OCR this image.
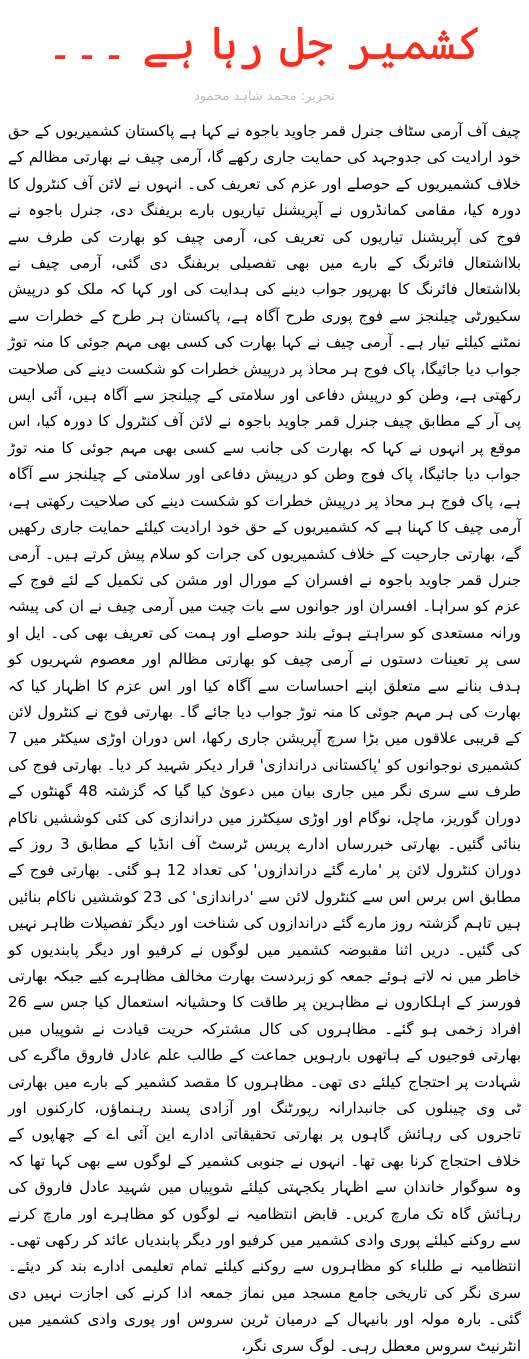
کشمیر جل رہا ہے ۔۔۔
تحریر: محمد شاہد محمود

چیف آف آرمی سٹاف جنرل قمر جاوید باجوہ نے کہا ہے پاکستان کشمیریوں کے حق خود ارادیت کی جدوجہد کی حمایت جاری رکھے گا، آرمی چیف نے بھارتی مظالم کے خلاف کشمیریوں کے حوصلے اور عزم کی تعریف کی۔ انہوں نے لائن آف کنٹرول کا دورہ کیا، مقامی کمانڈروں نے آپریشنل تیاریوں بارے بریفنگ دی، جنرل باجوہ نے فوج کی آپریشنل تیاریوں کی تعریف کی، آرمی چیف کو بھارت کی طرف سے بلااشتعال فائرنگ کے بارے میں بھی تفصیلی بریفنگ دی گئی، آرمی چیف نے بلااشتعال فائرنگ کا بھرپور جواب دینے کی ہدایت کی اور کہا کہ ملک کو درپیش سکیورٹی چیلنجز سے فوج پوری طرح آگاہ ہے، پاکستان ہر طرح کے خطرات سے نمٹنے کیلئے تیار ہے۔ آرمی چیف نے کہا بھارت کی کسی بھی مہم جوئی کا منہ توڑ جواب دیا جائیگا، پاک فوج ہر محاذ پر درپیش خطرات کو شکست دینے کی صلاحیت رکھتی ہے، وطن کو درپیش دفاعی اور سلامتی کے چیلنجز سے آگاہ ہیں، آئی ایس پی آر کے مطابق چیف جنرل قمر جاوید باجوہ نے لائن آف کنٹرول کا دورہ کیا، اس موقع پر انہوں نے کہا کہ بھارت کی جانب سے کسی بھی مہم جوئی کا منہ توڑ جواب دیا جائیگا، پاک فوج وطن کو درپیش دفاعی اور سلامتی کے چیلنجز سے آگاہ ہے، پاک فوج ہر محاذ پر درپیش خطرات کو شکست دینے کی صلاحیت رکھتی ہے، آرمی چیف کا کہنا ہے کہ کشمیریوں کے حق خود ارادیت کیلئے حمایت جاری رکھیں گے، بھارتی جارحیت کے خلاف کشمیریوں کی جرات کو سلام پیش کرتے ہیں۔ آرمی جنرل قمر جاوید باجوہ نے افسران کے مورال اور مشن کی تکمیل کے لئے فوج کے عزم کو سراہا۔ افسران اور جوانوں سے بات چیت میں آرمی چیف نے ان کی پیشہ ورانہ مستعدی کو سراہتے ہوئے بلند حوصلے اور ہمت کی تعریف بھی کی۔ ایل او سی پر تعینات دستوں نے آرمی چیف کو بھارتی مظالم اور معصوم شہریوں کو ہدف بنانے سے متعلق اپنے احساسات سے آگاہ کیا اور اس عزم کا اظہار کیا کہ بھارت کی ہر مہم جوئی کا منہ توڑ جواب دیا جائے گا۔ بھارتی فوج نے کنٹرول لائن کے قریبی علاقوں میں بڑا سرچ آپریشن جاری رکھا، اس دوران اوڑی سیکٹر میں 7 کشمیری نوجوانوں کو 'پاکستانی دراندازی' قرار دیکر شہید کر دیا۔ بھارتی فوج کی طرف سے سری نگر میں جاری بیان میں دعویٰ کیا گیا کہ گزشتہ 48 گھنٹوں کے دوران گوریز، ماچل، نوگام اور اوڑی سیکٹرز میں دراندازی کی کئی کوششیں ناکام بنائی گئیں۔ بھارتی خبررساں ادارے پریس ٹرسٹ آف انڈیا کے مطابق 3 روز کے دوران کنٹرول لائن پر 'مارے گئے دراندازوں' کی تعداد 12 ہو گئی۔ بھارتی فوج کے مطابق اس برس اس سے کنٹرول لائن سے 'دراندازی' کی 23 کوششیں ناکام بنائیں ہیں تاہم گزشتہ روز مارے گئے دراندازوں کی شناخت اور دیگر تفصیلات ظاہر نہیں کی گئیں۔ دریں اثنا مقبوضہ کشمیر میں لوگوں نے کرفیو اور دیگر پابندیوں کو خاطر میں نہ لاتے ہوئے جمعہ کو زبردست بھارت مخالف مظاہرے کیے جبکہ بھارتی فورسز کے اہلکاروں نے مظاہرین پر طاقت کا وحشیانہ استعمال کیا جس سے 26 افراد زخمی ہو گئے۔ مظاہروں کی کال مشترکہ حریت قیادت نے شوپیاں میں بھارتی فوجیوں کے ہاتھوں بارہویں جماعت کے طالب علم عادل فاروق ماگرے کی شہادت پر احتجاج کیلئے دی تھی۔ مظاہروں کا مقصد کشمیر کے بارے میں بھارتی ٹی وی چینلوں کی جانبدارانہ رپورٹنگ اور آزادی پسند رہنماؤں، کارکنوں اور تاجروں کی رہائش گاہوں پر بھارتی تحقیقاتی ادارے این آئی اے کے چھاپوں کے خلاف احتجاج کرنا بھی تھا۔ انہوں نے جنوبی کشمیر کے لوگوں سے بھی کہا تھا کہ وہ سوگوار خاندان سے اظہار یکجہتی کیلئے شوپیاں میں شہید عادل فاروق کی رہائش گاہ تک مارچ کریں۔ قابض انتظامیہ نے لوگوں کو مظاہرے اور مارچ کرنے سے روکنے کیلئے پوری وادی کشمیر میں کرفیو اور دیگر پابندیاں عائد کر رکھی تھی۔ انتظامیہ نے طلباء کو مظاہروں سے روکنے کیلئے تمام تعلیمی ادارے بند کر دیئے۔ سری نگر کی تاریخی جامع مسجد میں نماز جمعہ ادا کرنے کی اجازت نہیں دی گئی۔ بارہ مولہ اور بانیہال کے درمیان ٹرین سروس اور پوری وادی کشمیر میں انٹرنیٹ سروس معطل رہی۔ لوگ سری نگر،
